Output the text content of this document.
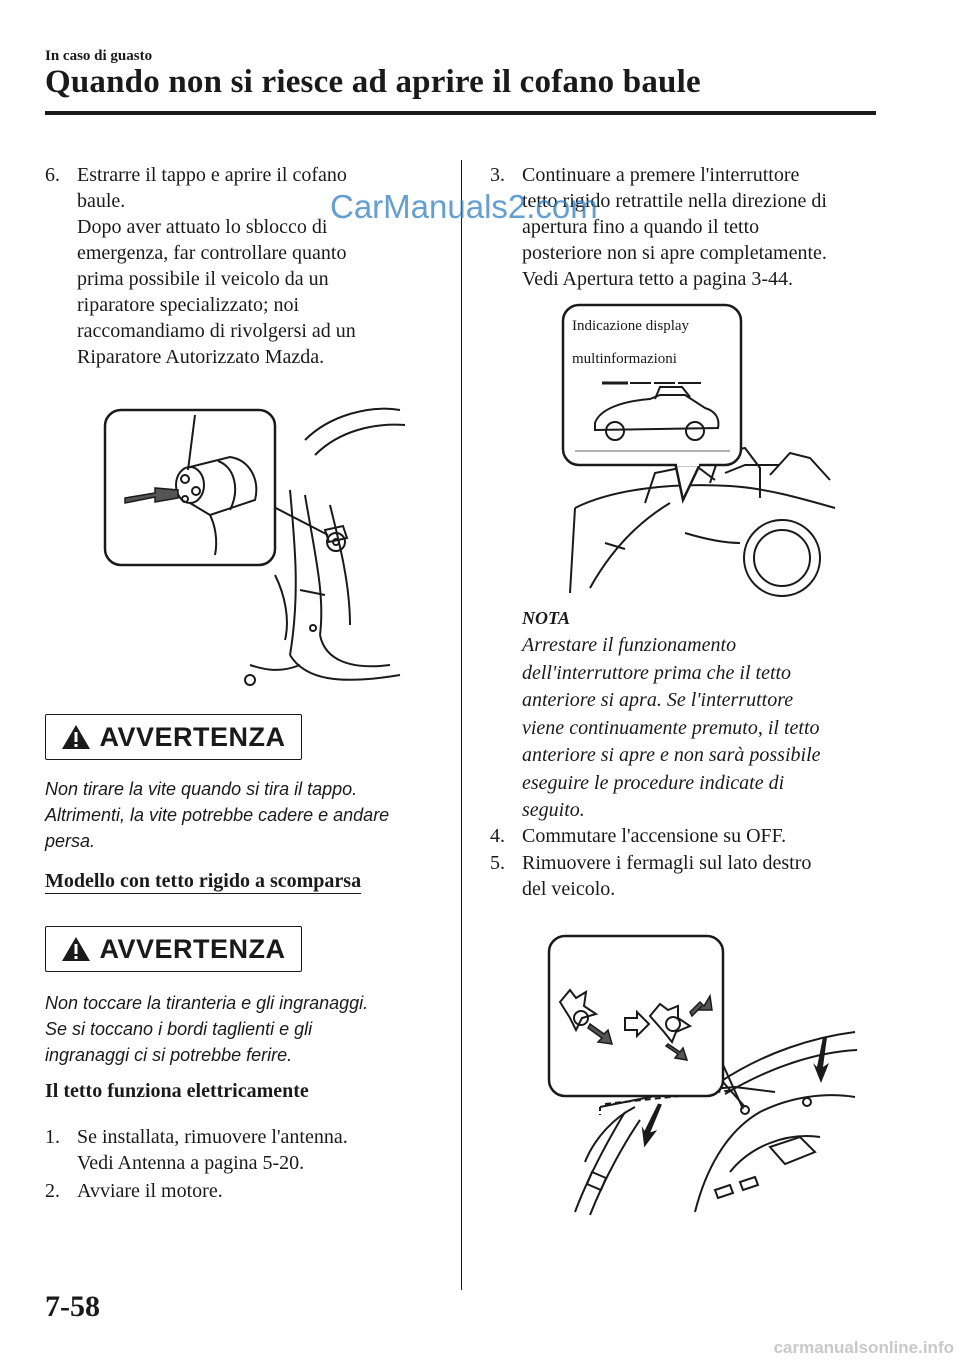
In caso di guasto
Quando non si riesce ad aprire il cofano baule
6. Estrarre il tappo e aprire il cofano
baule.
Dopo aver attuato lo sblocco di
emergenza, far controllare quanto
prima possibile il veicolo da un
riparatore specializzato; noi
raccomandiamo di rivolgersi ad un
Riparatore Autorizzato Mazda.
AVVERTENZA
Non tirare la vite quando si tira il tappo.
Altrimenti, la vite potrebbe cadere e andare
persa.
Modello con tetto rigido a scomparsa
AVVERTENZA
Non toccare la tiranteria e gli ingranaggi.
Se si toccano i bordi taglienti e gli
ingranaggi ci si potrebbe ferire.
Il tetto funziona elettricamente
1. Se installata, rimuovere l'antenna.
Vedi Antenna a pagina 5-20.
2. Avviare il motore.
3. Continuare a premere l'interruttore
tetto rigido retrattile nella direzione di
apertura fino a quando il tetto
posteriore non si apre completamente.
Vedi Apertura tetto a pagina 3-44.
Indicazione display
multinformazioni
NOTA
Arrestare il funzionamento
dell'interruttore prima che il tetto
anteriore si apra. Se l'interruttore
viene continuamente premuto, il tetto
anteriore si apre e non sarà possibile
eseguire le procedure indicate di
seguito.
4. Commutare l'accensione su OFF.
5. Rimuovere i fermagli sul lato destro
del veicolo.
CarManuals2.com
7-58
carmanualsonline.info
